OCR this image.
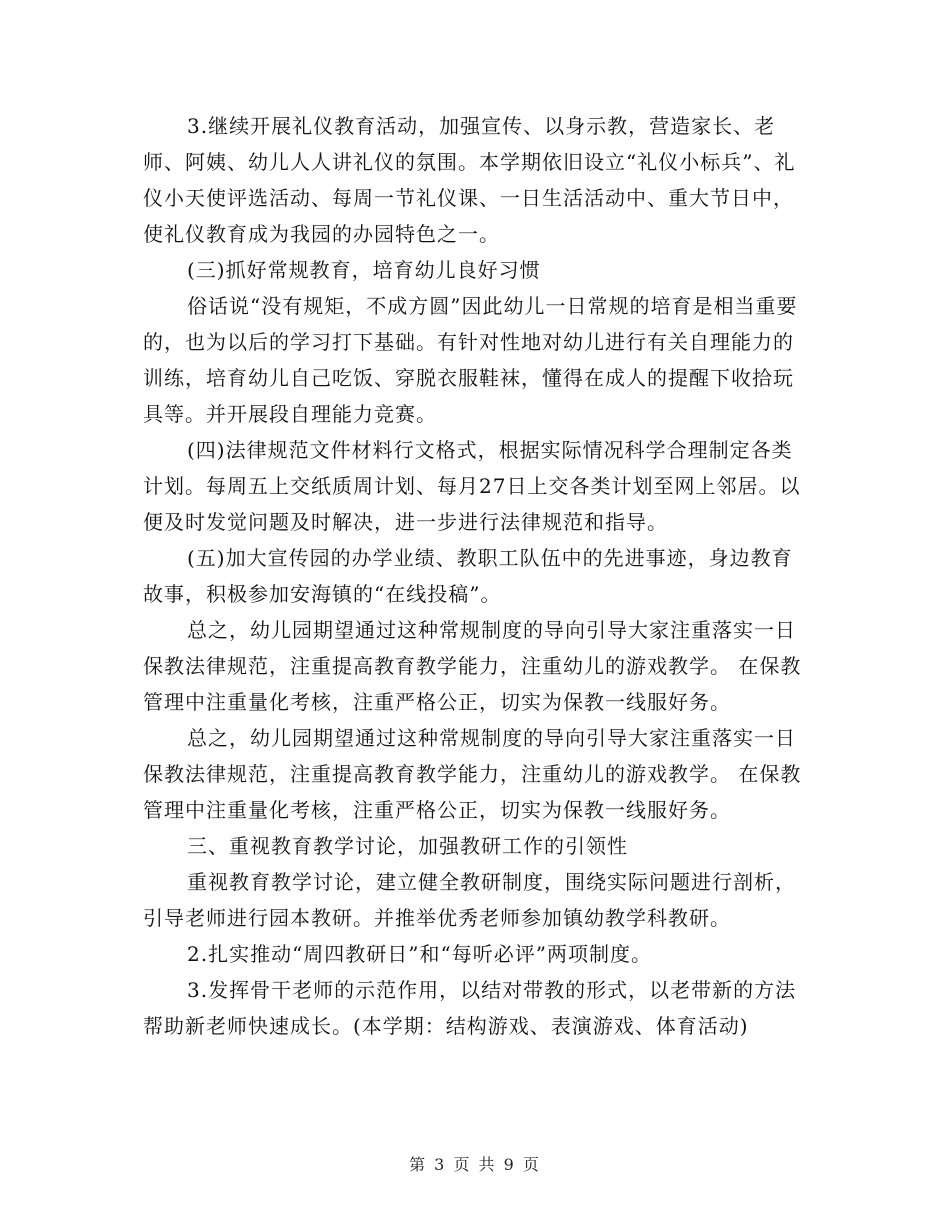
3.继续开展礼仪教育活动，加强宣传、以身示教，营造家长、老师、阿姨、幼儿人人讲礼仪的氛围。本学期依旧设立“礼仪小标兵”、礼仪小天使评选活动、每周一节礼仪课、一日生活活动中、重大节日中，使礼仪教育成为我园的办园特色之一。

(三)抓好常规教育，培育幼儿良好习惯

俗话说“没有规矩，不成方圆”因此幼儿一日常规的培育是相当重要的，也为以后的学习打下基础。有针对性地对幼儿进行有关自理能力的训练，培育幼儿自己吃饭、穿脱衣服鞋袜，懂得在成人的提醒下收拾玩具等。并开展段自理能力竞赛。

(四)法律规范文件材料行文格式，根据实际情况科学合理制定各类计划。每周五上交纸质周计划、每月27日上交各类计划至网上邻居。以便及时发觉问题及时解决，进一步进行法律规范和指导。

(五)加大宣传园的办学业绩、教职工队伍中的先进事迹，身边教育故事，积极参加安海镇的“在线投稿”。

总之，幼儿园期望通过这种常规制度的导向引导大家注重落实一日保教法律规范，注重提高教育教学能力，注重幼儿的游戏教学。 在保教管理中注重量化考核，注重严格公正，切实为保教一线服好务。

总之，幼儿园期望通过这种常规制度的导向引导大家注重落实一日保教法律规范，注重提高教育教学能力，注重幼儿的游戏教学。 在保教管理中注重量化考核，注重严格公正，切实为保教一线服好务。

三、重视教育教学讨论，加强教研工作的引领性

重视教育教学讨论，建立健全教研制度，围绕实际问题进行剖析，引导老师进行园本教研。并推举优秀老师参加镇幼教学科教研。

2.扎实推动“周四教研日”和“每听必评”两项制度。

3.发挥骨干老师的示范作用，以结对带教的形式，以老带新的方法帮助新老师快速成长。(本学期：结构游戏、表演游戏、体育活动)

第 3 页 共 9 页
